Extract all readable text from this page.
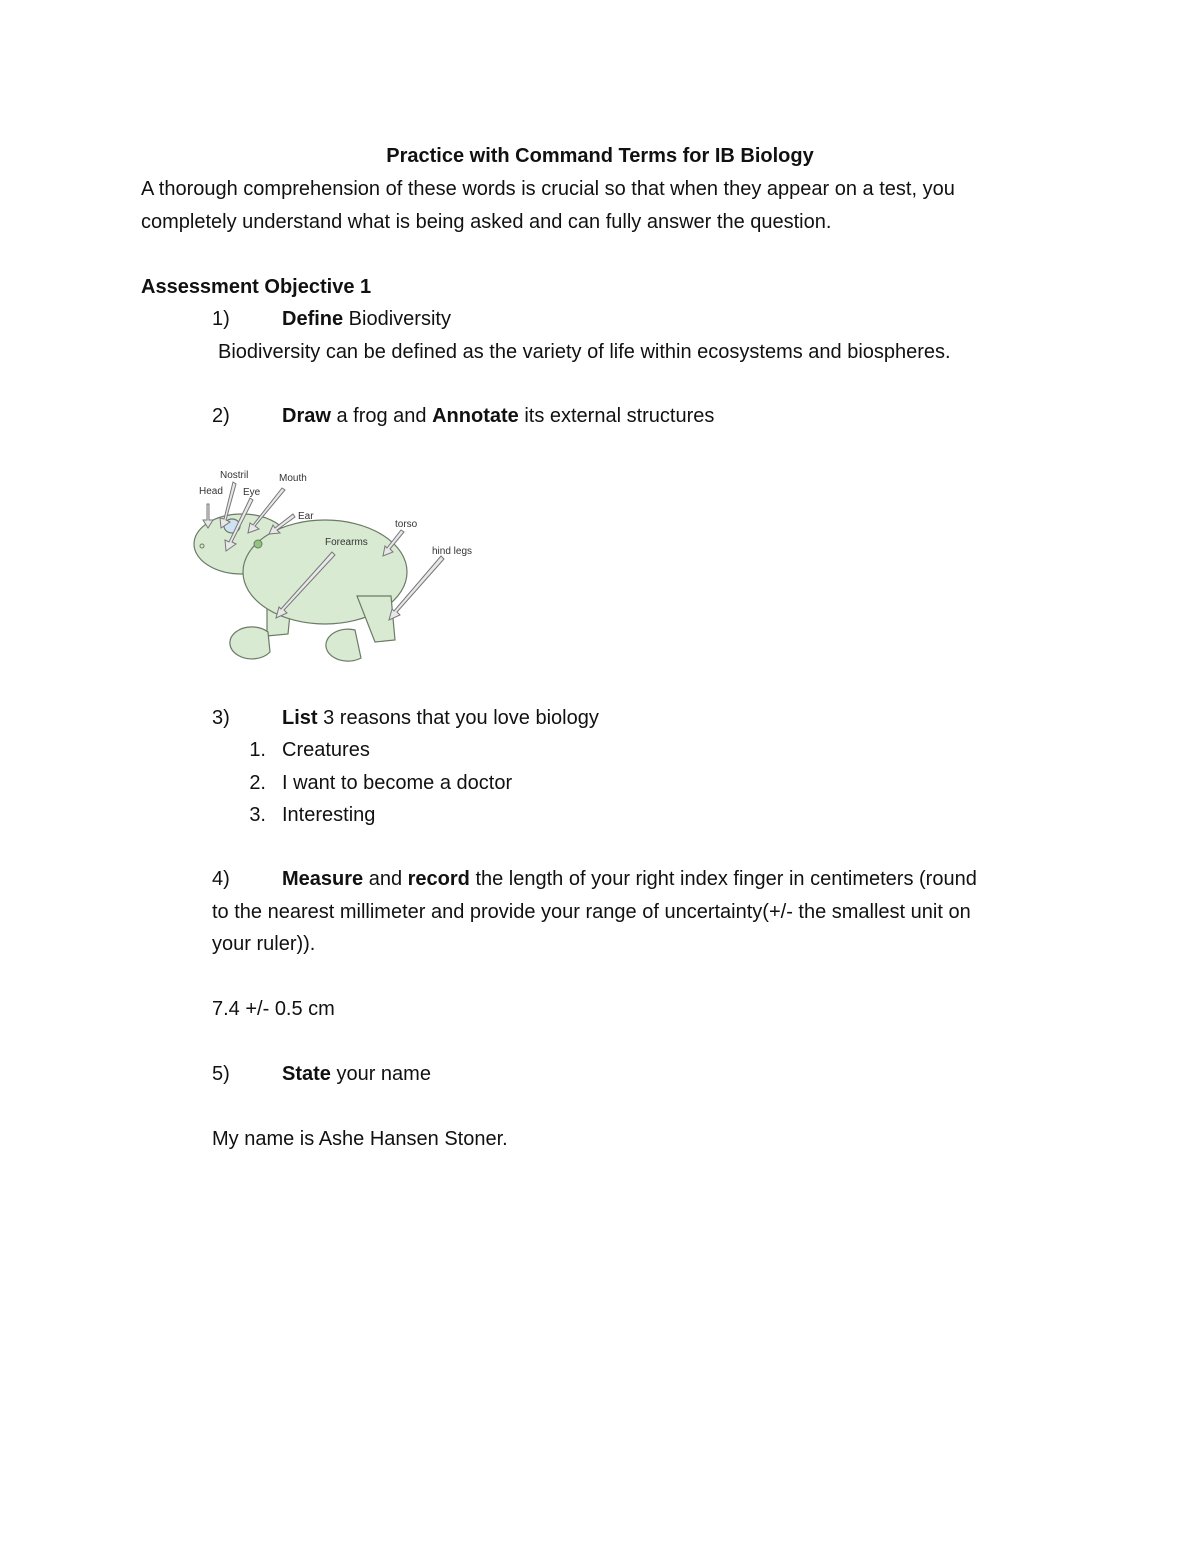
Practice with Command Terms for IB Biology
A thorough comprehension of these words is crucial so that when they appear on a test, you
completely understand what is being asked and can fully answer the question.
Assessment Objective 1
1)	Define Biodiversity
Biodiversity can be defined as the variety of life within ecosystems and biospheres.
2)	Draw a frog and Annotate its external structures
Nostril
Head Eye
Mouth
Ear
Forearms
torso
hind legs
3)	List 3 reasons that you love biology
1. Creatures
2. I want to become a doctor
3. Interesting
4)	Measure and record the length of your right index finger in centimeters (round
to the nearest millimeter and provide your range of uncertainty(+/- the smallest unit on
your ruler)).
7.4 +/- 0.5 cm
5)	State your name
My name is Ashe Hansen Stoner.
